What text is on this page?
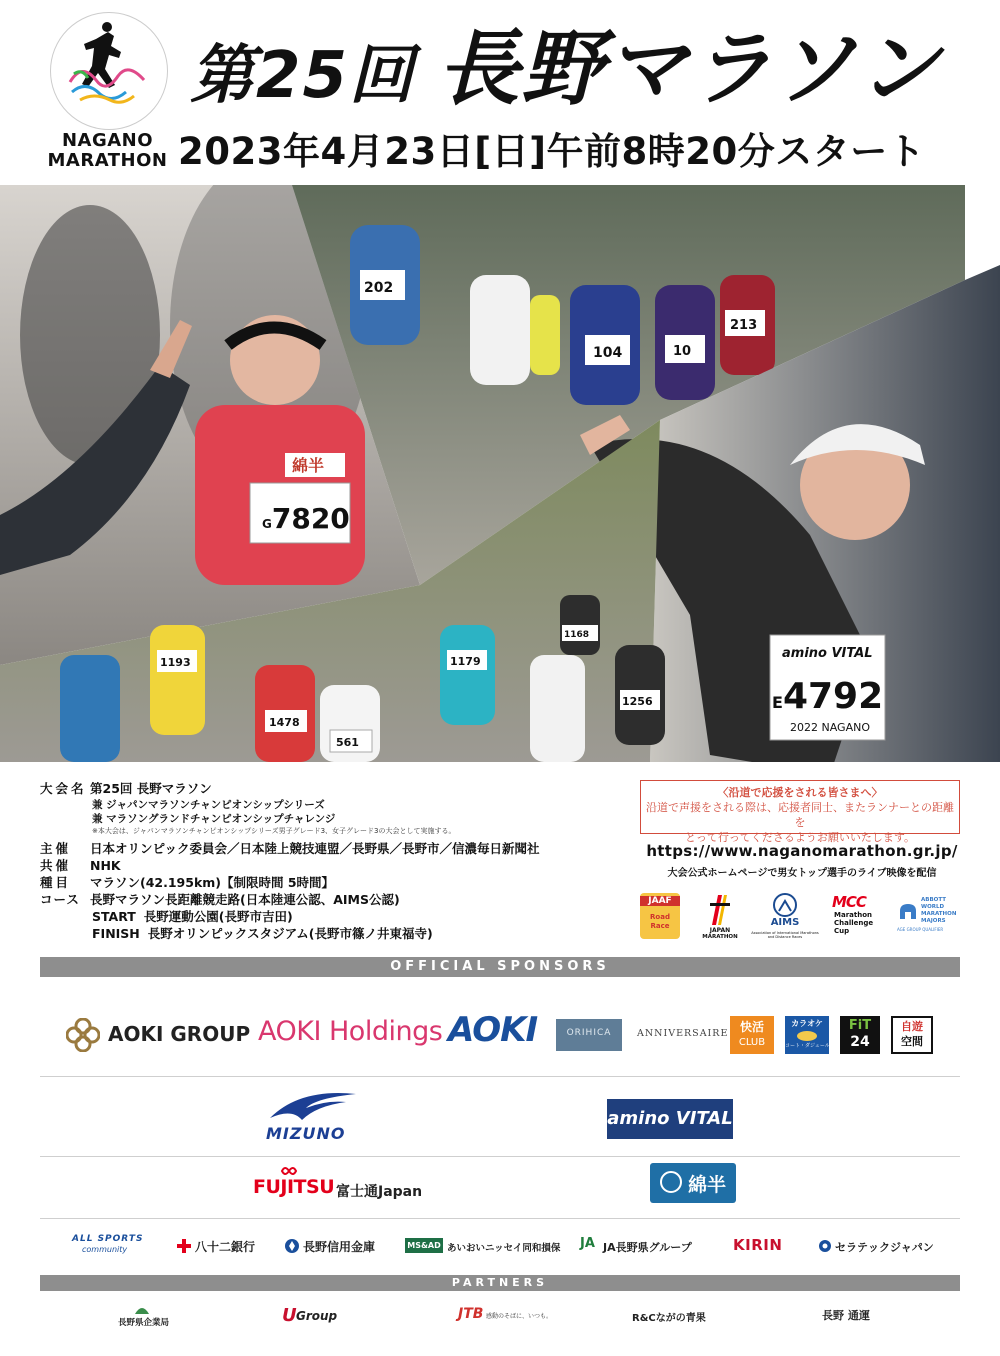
NAGANO
MARATHON
第25回 長野マラソン
2023年4月23日[日]午前8時20分スタート
G7820
綿半
202
104	10
213
amino VITAL
E4792
2022 NAGANO
1193
1478
561
1179
1256
1168
大会名 第25回 長野マラソン
兼 ジャパンマラソンチャンピオンシップシリーズ
兼 マラソングランドチャンピオンシップチャレンジ
※本大会は、ジャパンマラソンチャンピオンシップシリーズ男子グレード3、女子グレード3の大会として実施する。
主催 日本オリンピック委員会／日本陸上競技連盟／長野県／長野市／信濃毎日新聞社
共催 NHK
種目 マラソン(42.195km)【制限時間 5時間】
コース 長野マラソン長距離競走路(日本陸連公認、AIMS公認)
START 長野運動公園(長野市吉田)
FINISH 長野オリンピックスタジアム(長野市篠ノ井東福寺)
〈沿道で応援をされる皆さまへ〉
沿道で声援をされる際は、応援者同士、またランナーとの距離を
とって行ってくださるようお願いいたします。
https://www.naganomarathon.gr.jp/
大会公式ホームページで男女トップ選手のライブ映像を配信
JAAF
Road Race
JAPAN
MARATHON
AIMS
Association of International Marathons and Distance Races
MCC
Marathon
Challenge
Cup
ABBOTT
WORLD
MARATHON
MAJORS
AGE GROUP QUALIFIER
OFFICIAL SPONSORS
AOKI GROUP AOKI Holdings AOKI	ORIHICA	ANNIVERSAIRE 快活
CLUB
カラオケ
コート・ダジュール
FiT
24
自遊
空間
MIZUNO
amino VITAL
FUJITSU 富士通Japan	綿半
ALL SPORTS
community	八十二銀行	長野信用金庫	MS&AD あいおいニッセイ同和損保 JA JA長野県グループ	KIRIN	セラテックジャパン
PARTNERS
長野県企業局	U Group	JTB 感動のそばに、いつも。	R&Cながの青果	長野 通運
